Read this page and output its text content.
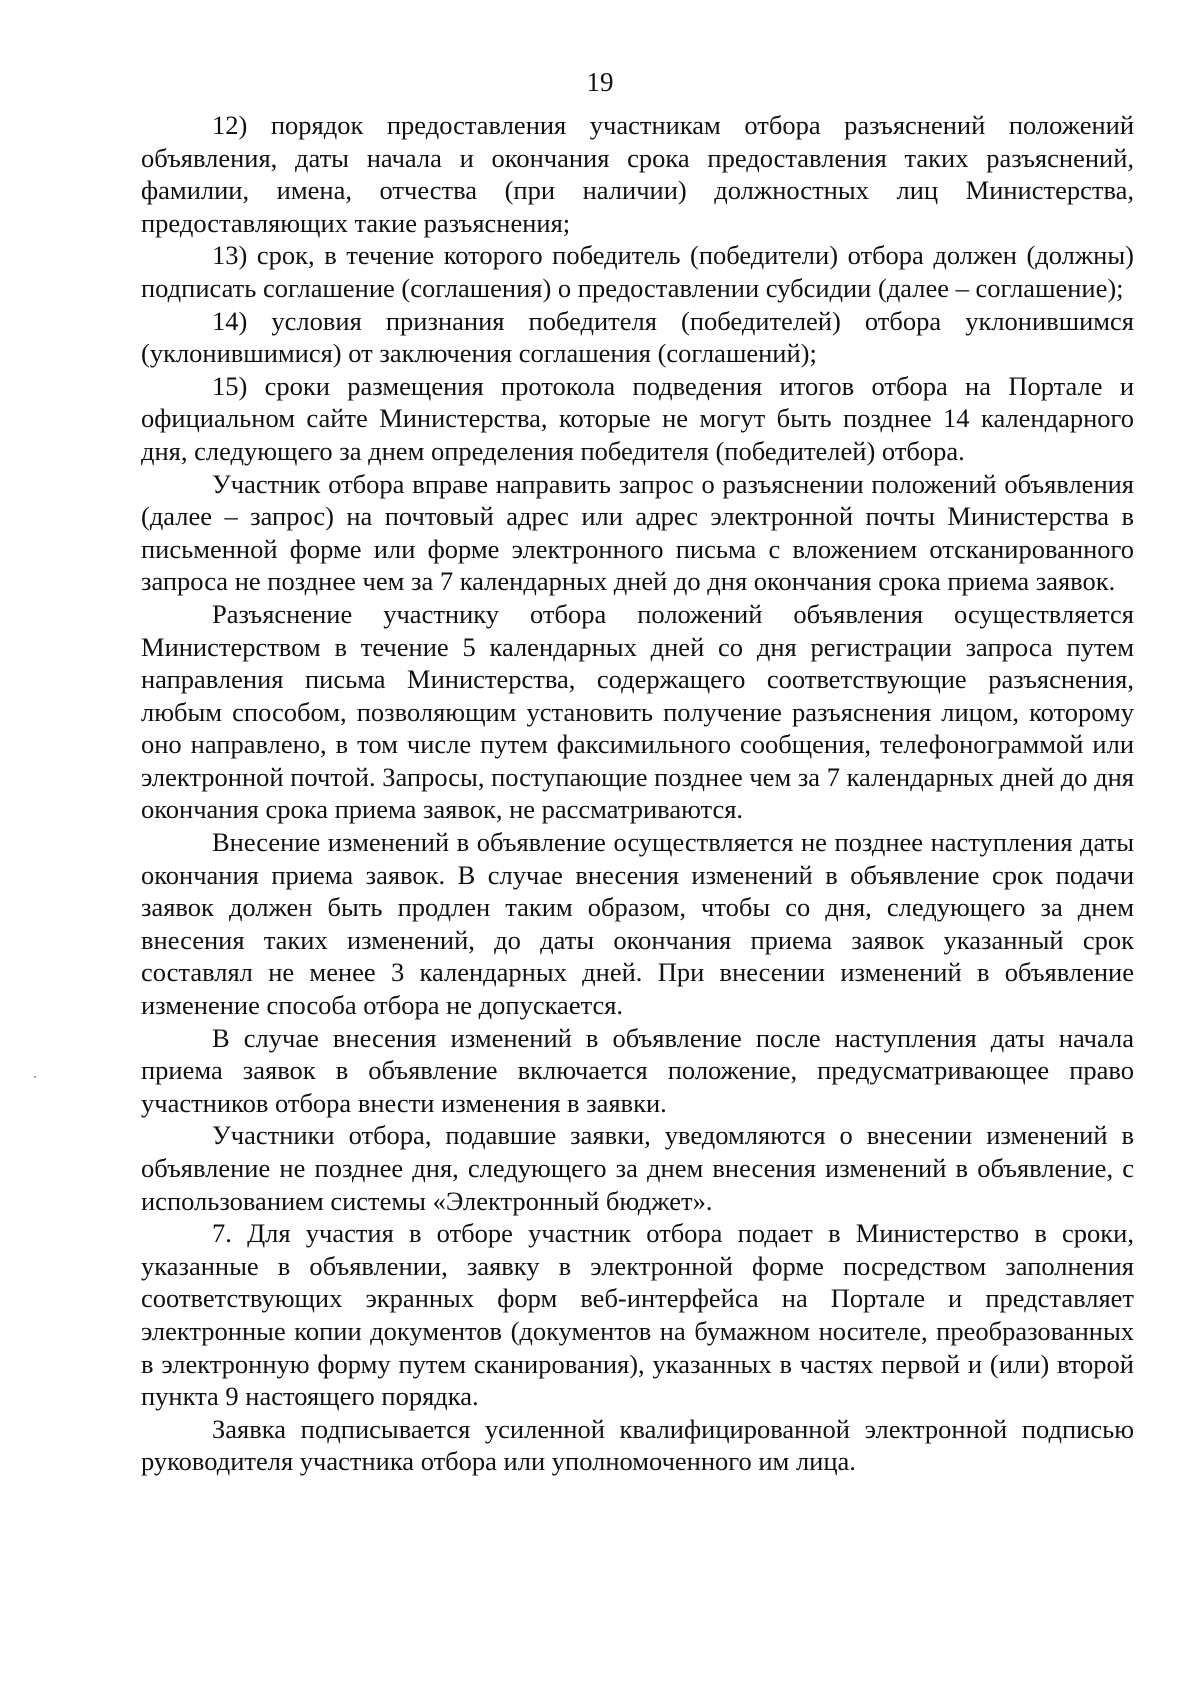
19

12) порядок предоставления участникам отбора разъяснений положений объявления, даты начала и окончания срока предоставления таких разъяснений, фамилии, имена, отчества (при наличии) должностных лиц Министерства, предоставляющих такие разъяснения;

13) срок, в течение которого победитель (победители) отбора должен (должны) подписать соглашение (соглашения) о предоставлении субсидии (далее – соглашение);

14) условия признания победителя (победителей) отбора уклонившимся (уклонившимися) от заключения соглашения (соглашений);

15) сроки размещения протокола подведения итогов отбора на Портале и официальном сайте Министерства, которые не могут быть позднее 14 календарного дня, следующего за днем определения победителя (победителей) отбора.

Участник отбора вправе направить запрос о разъяснении положений объявления (далее – запрос) на почтовый адрес или адрес электронной почты Министерства в письменной форме или форме электронного письма с вложением отсканированного запроса не позднее чем за 7 календарных дней до дня окончания срока приема заявок.

Разъяснение участнику отбора положений объявления осуществляется Министерством в течение 5 календарных дней со дня регистрации запроса путем направления письма Министерства, содержащего соответствующие разъяснения, любым способом, позволяющим установить получение разъяснения лицом, которому оно направлено, в том числе путем факсимильного сообщения, телефонограммой или электронной почтой. Запросы, поступающие позднее чем за 7 календарных дней до дня окончания срока приема заявок, не рассматриваются.

Внесение изменений в объявление осуществляется не позднее наступления даты окончания приема заявок. В случае внесения изменений в объявление срок подачи заявок должен быть продлен таким образом, чтобы со дня, следующего за днем внесения таких изменений, до даты окончания приема заявок указанный срок составлял не менее 3 календарных дней. При внесении изменений в объявление изменение способа отбора не допускается.

В случае внесения изменений в объявление после наступления даты начала приема заявок в объявление включается положение, предусматривающее право участников отбора внести изменения в заявки.

Участники отбора, подавшие заявки, уведомляются о внесении изменений в объявление не позднее дня, следующего за днем внесения изменений в объявление, с использованием системы «Электронный бюджет».

7. Для участия в отборе участник отбора подает в Министерство в сроки, указанные в объявлении, заявку в электронной форме посредством заполнения соответствующих экранных форм веб-интерфейса на Портале и представляет электронные копии документов (документов на бумажном носителе, преобразованных в электронную форму путем сканирования), указанных в частях первой и (или) второй пункта 9 настоящего порядка.

Заявка подписывается усиленной квалифицированной электронной подписью руководителя участника отбора или уполномоченного им лица.
